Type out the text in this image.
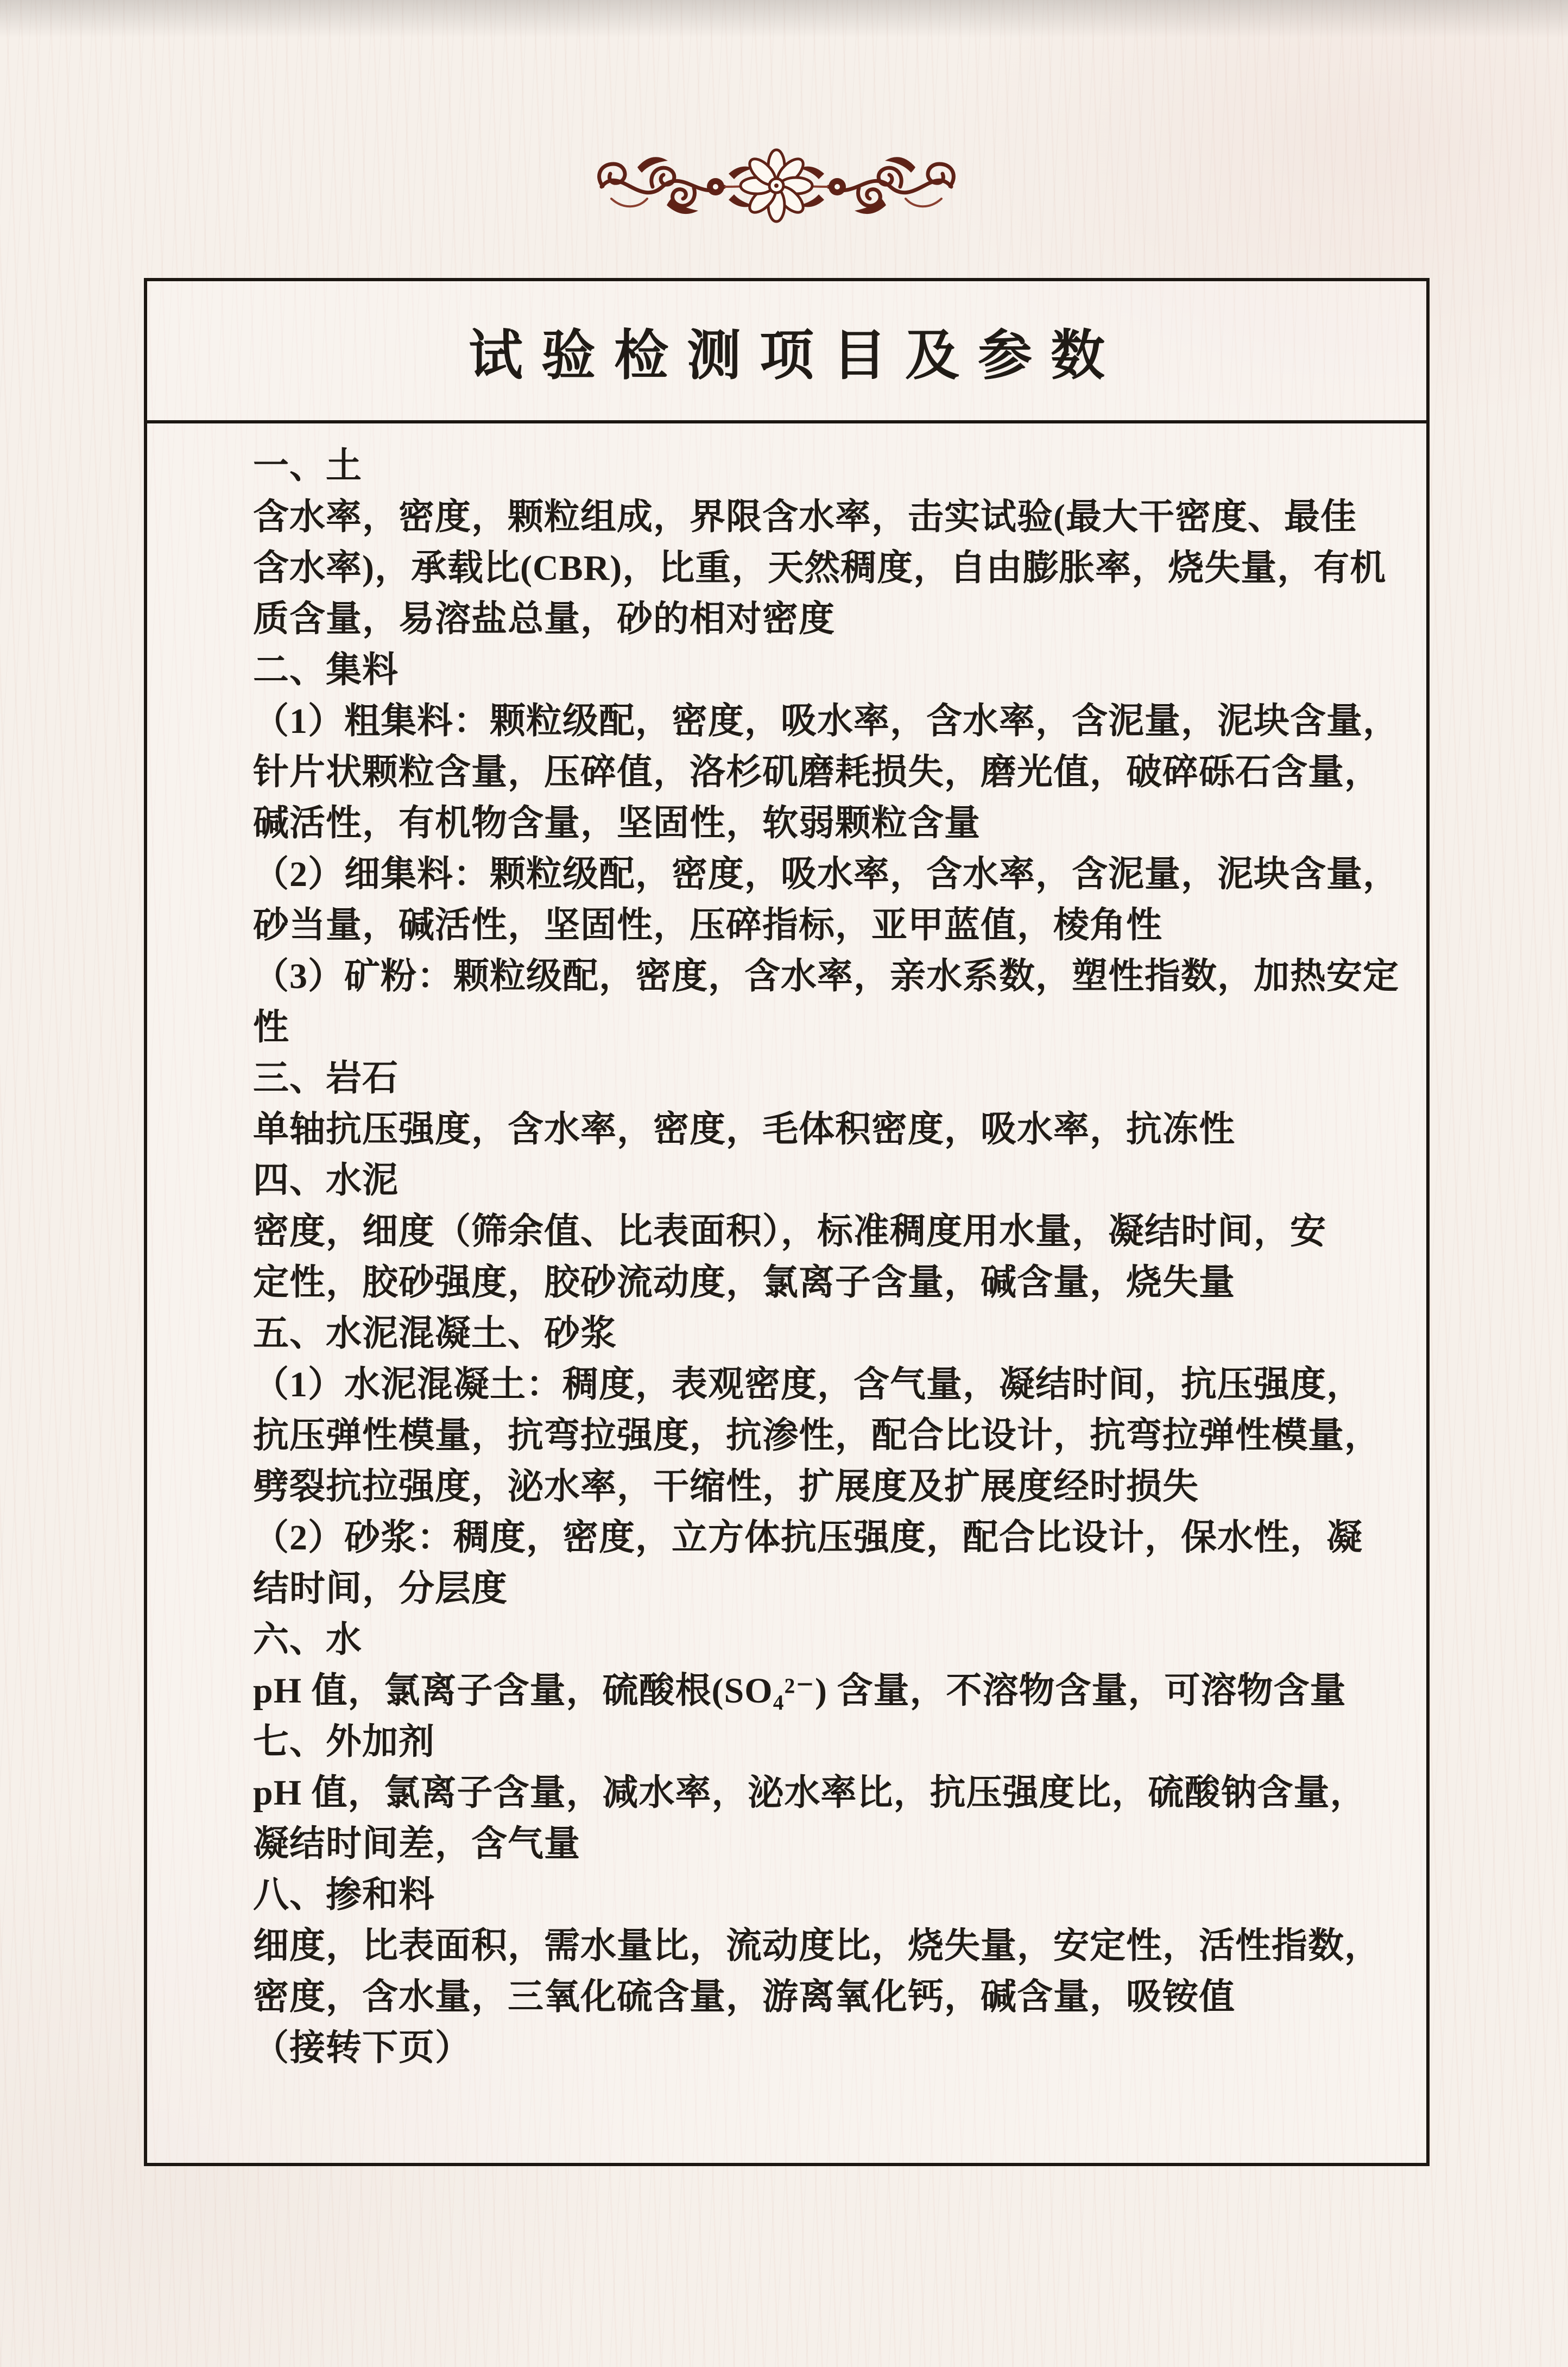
试验检测项目及参数
一、土
含水率，密度，颗粒组成，界限含水率，击实试验(最大干密度、最佳
含水率)，承载比(CBR)，比重，天然稠度，自由膨胀率，烧失量，有机
质含量，易溶盐总量，砂的相对密度
二、集料
（1）粗集料：颗粒级配，密度，吸水率，含水率，含泥量，泥块含量，
针片状颗粒含量，压碎值，洛杉矶磨耗损失，磨光值，破碎砾石含量，
碱活性，有机物含量，坚固性，软弱颗粒含量
（2）细集料：颗粒级配，密度，吸水率，含水率，含泥量，泥块含量，
砂当量，碱活性，坚固性，压碎指标，亚甲蓝值，棱角性
（3）矿粉：颗粒级配，密度，含水率，亲水系数，塑性指数，加热安定
性
三、岩石
单轴抗压强度，含水率，密度，毛体积密度，吸水率，抗冻性
四、水泥
密度，细度（筛余值、比表面积），标准稠度用水量，凝结时间，安
定性，胶砂强度，胶砂流动度，氯离子含量，碱含量，烧失量
五、水泥混凝土、砂浆
（1）水泥混凝土：稠度，表观密度，含气量，凝结时间，抗压强度，
抗压弹性模量，抗弯拉强度，抗渗性，配合比设计，抗弯拉弹性模量，
劈裂抗拉强度，泌水率，干缩性，扩展度及扩展度经时损失
（2）砂浆：稠度，密度，立方体抗压强度，配合比设计，保水性，凝
结时间，分层度
六、水
pH 值，氯离子含量，硫酸根(SO₄²⁻) 含量，不溶物含量，可溶物含量
七、外加剂
pH 值，氯离子含量，减水率，泌水率比，抗压强度比，硫酸钠含量，
凝结时间差，含气量
八、掺和料
细度，比表面积，需水量比，流动度比，烧失量，安定性，活性指数，
密度，含水量，三氧化硫含量，游离氧化钙，碱含量，吸铵值
（接转下页）
